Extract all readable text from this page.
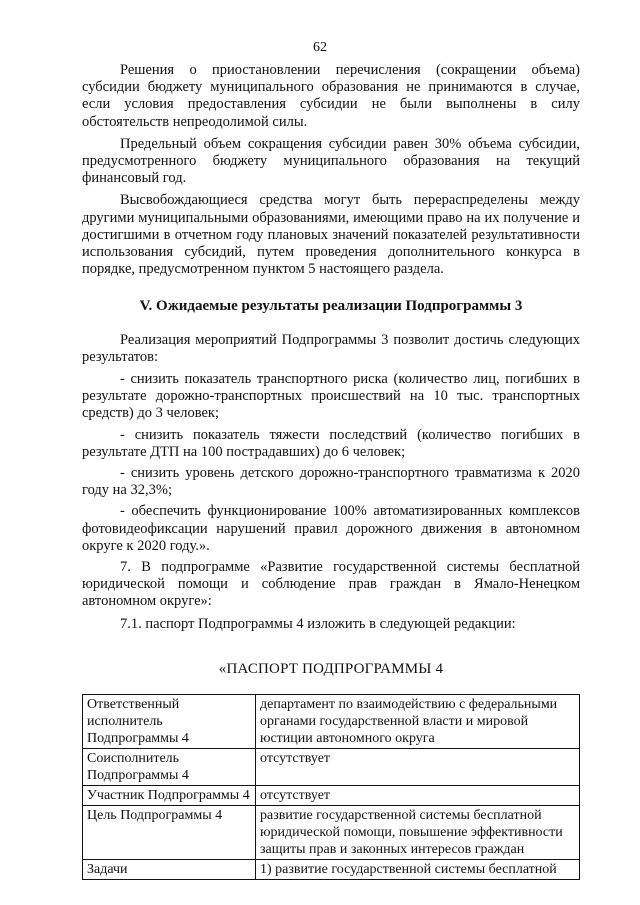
62

Решения о приостановлении перечисления (сокращении объема) субсидии бюджету муниципального образования не принимаются в случае, если условия предоставления субсидии не были выполнены в силу обстоятельств непреодолимой силы.

Предельный объем сокращения субсидии равен 30% объема субсидии, предусмотренного бюджету муниципального образования на текущий финансовый год.

Высвобождающиеся средства могут быть перераспределены между другими муниципальными образованиями, имеющими право на их получение и достигшими в отчетном году плановых значений показателей результативности использования субсидий, путем проведения дополнительного конкурса в порядке, предусмотренном пунктом 5 настоящего раздела.

V. Ожидаемые результаты реализации Подпрограммы 3

Реализация мероприятий Подпрограммы 3 позволит достичь следующих результатов:

- снизить показатель транспортного риска (количество лиц, погибших в результате дорожно-транспортных происшествий на 10 тыс. транспортных средств) до 3 человек;

- снизить показатель тяжести последствий (количество погибших в результате ДТП на 100 пострадавших) до 6 человек;

- снизить уровень детского дорожно-транспортного травматизма к 2020 году на 32,3%;

- обеспечить функционирование 100% автоматизированных комплексов фотовидеофиксации нарушений правил дорожного движения в автономном округе к 2020 году.».

7. В подпрограмме «Развитие государственной системы бесплатной юридической помощи и соблюдение прав граждан в Ямало-Ненецком автономном округе»:

7.1. паспорт Подпрограммы 4 изложить в следующей редакции:

«ПАСПОРТ ПОДПРОГРАММЫ 4
Ответственный исполнитель Подпрограммы 4	департамент по взаимодействию с федеральными органами государственной власти и мировой юстиции автономного округа
Соисполнитель Подпрограммы 4	отсутствует
Участник Подпрограммы 4	отсутствует
Цель Подпрограммы 4	развитие государственной системы бесплатной юридической помощи, повышение эффективности защиты прав и законных интересов граждан
Задачи	1) развитие государственной системы бесплатной
